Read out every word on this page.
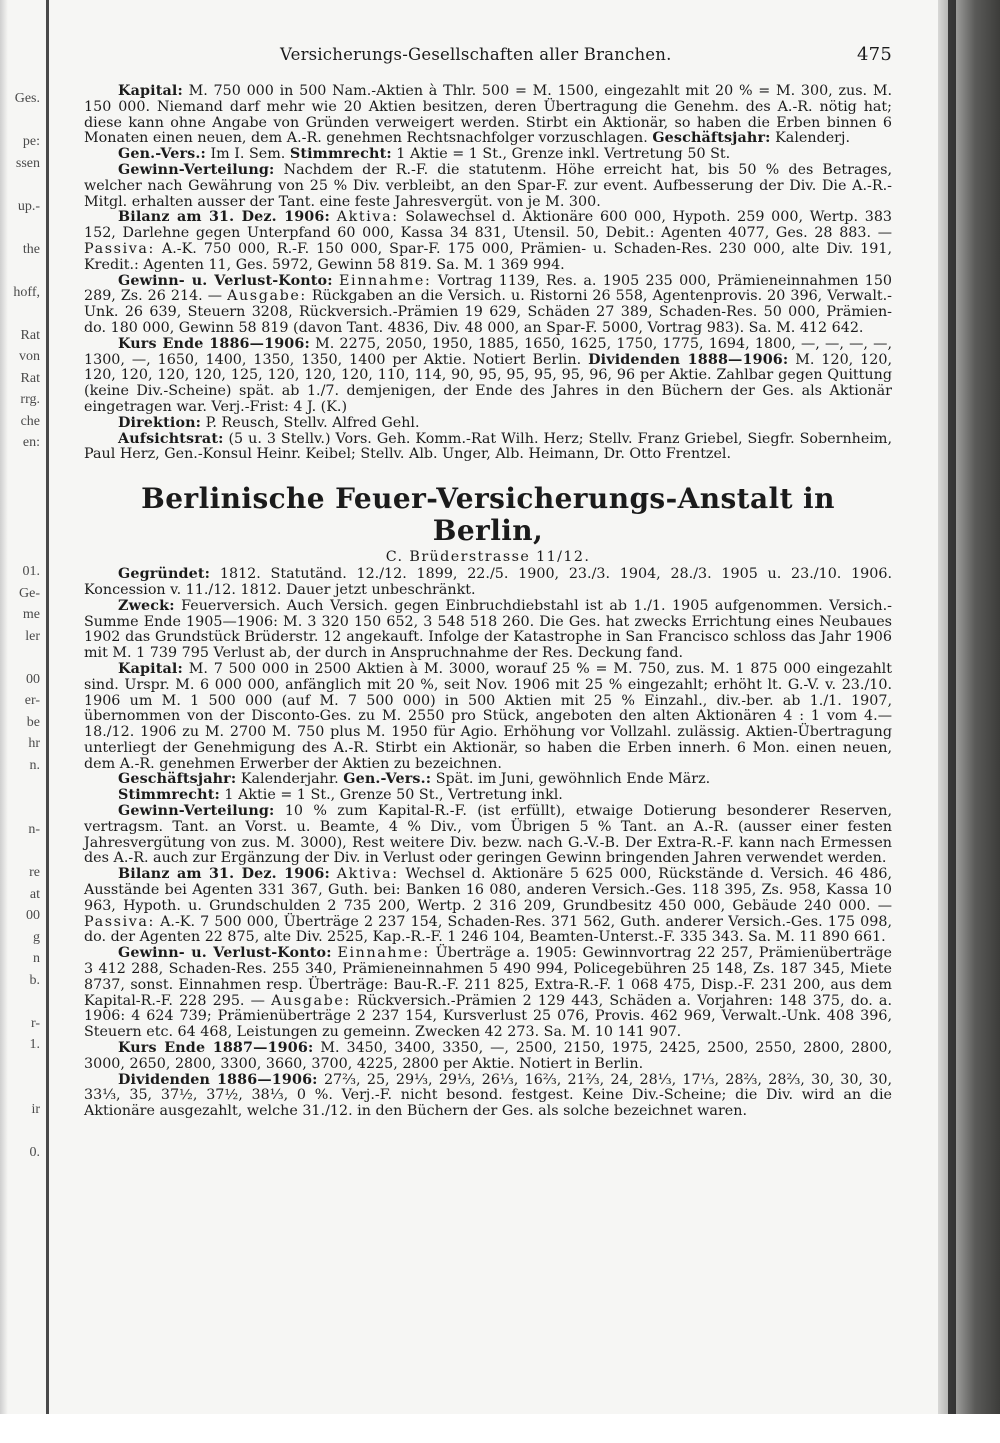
Ges.
pe:
ssen
up.-
the
hoff,
Rat
von
Rat
rrg.
che
en:
01.
Ge-
me
ler
00
er-
be
hr
n.
n-
re
at
00
g
n
b.
r-
1.
ir
0.
Versicherungs-Gesellschaften aller Branchen.	475

Kapital: M. 750 000 in 500 Nam.-Aktien à Thlr. 500 = M. 1500, eingezahlt mit 20 % = M. 300, zus. M. 150 000. Niemand darf mehr wie 20 Aktien besitzen, deren Übertragung die Genehm. des A.-R. nötig hat; diese kann ohne Angabe von Gründen verweigert werden. Stirbt ein Aktionär, so haben die Erben binnen 6 Monaten einen neuen, dem A.-R. genehmen Rechtsnachfolger vorzuschlagen. Geschäftsjahr: Kalenderj.

Gen.-Vers.: Im I. Sem. Stimmrecht: 1 Aktie = 1 St., Grenze inkl. Vertretung 50 St.

Gewinn-Verteilung: Nachdem der R.-F. die statutenm. Höhe erreicht hat, bis 50 % des Betrages, welcher nach Gewährung von 25 % Div. verbleibt, an den Spar-F. zur event. Aufbesserung der Div. Die A.-R.-Mitgl. erhalten ausser der Tant. eine feste Jahresvergüt. von je M. 300.

Bilanz am 31. Dez. 1906: Aktiva: Solawechsel d. Aktionäre 600 000, Hypoth. 259 000, Wertp. 383 152, Darlehne gegen Unterpfand 60 000, Kassa 34 831, Utensil. 50, Debit.: Agenten 4077, Ges. 28 883. — Passiva: A.-K. 750 000, R.-F. 150 000, Spar-F. 175 000, Prämien- u. Schaden-Res. 230 000, alte Div. 191, Kredit.: Agenten 11, Ges. 5972, Gewinn 58 819. Sa. M. 1 369 994.

Gewinn- u. Verlust-Konto: Einnahme: Vortrag 1139, Res. a. 1905 235 000, Prämieneinnahmen 150 289, Zs. 26 214. — Ausgabe: Rückgaben an die Versich. u. Ristorni 26 558, Agentenprovis. 20 396, Verwalt.-Unk. 26 639, Steuern 3208, Rückversich.-Prämien 19 629, Schäden 27 389, Schaden-Res. 50 000, Prämien- do. 180 000, Gewinn 58 819 (davon Tant. 4836, Div. 48 000, an Spar-F. 5000, Vortrag 983). Sa. M. 412 642.

Kurs Ende 1886—1906: M. 2275, 2050, 1950, 1885, 1650, 1625, 1750, 1775, 1694, 1800, —, —, —, —, 1300, —, 1650, 1400, 1350, 1350, 1400 per Aktie. Notiert Berlin. Dividenden 1888—1906: M. 120, 120, 120, 120, 120, 120, 125, 120, 120, 120, 110, 114, 90, 95, 95, 95, 95, 96, 96 per Aktie. Zahlbar gegen Quittung (keine Div.-Scheine) spät. ab 1./7. demjenigen, der Ende des Jahres in den Büchern der Ges. als Aktionär eingetragen war. Verj.-Frist: 4 J. (K.)

Direktion: P. Reusch, Stellv. Alfred Gehl.

Aufsichtsrat: (5 u. 3 Stellv.) Vors. Geh. Komm.-Rat Wilh. Herz; Stellv. Franz Griebel, Siegfr. Sobernheim, Paul Herz, Gen.-Konsul Heinr. Keibel; Stellv. Alb. Unger, Alb. Heimann, Dr. Otto Frentzel.

Berlinische Feuer-Versicherungs-Anstalt in Berlin,
C. Brüderstrasse 11/12.

Gegründet: 1812. Statutänd. 12./12. 1899, 22./5. 1900, 23./3. 1904, 28./3. 1905 u. 23./10. 1906. Koncession v. 11./12. 1812. Dauer jetzt unbeschränkt.

Zweck: Feuerversich. Auch Versich. gegen Einbruchdiebstahl ist ab 1./1. 1905 aufgenommen. Versich.-Summe Ende 1905—1906: M. 3 320 150 652, 3 548 518 260. Die Ges. hat zwecks Errichtung eines Neubaues 1902 das Grundstück Brüderstr. 12 angekauft. Infolge der Katastrophe in San Francisco schloss das Jahr 1906 mit M. 1 739 795 Verlust ab, der durch in Anspruchnahme der Res. Deckung fand.

Kapital: M. 7 500 000 in 2500 Aktien à M. 3000, worauf 25 % = M. 750, zus. M. 1 875 000 eingezahlt sind. Urspr. M. 6 000 000, anfänglich mit 20 %, seit Nov. 1906 mit 25 % eingezahlt; erhöht lt. G.-V. v. 23./10. 1906 um M. 1 500 000 (auf M. 7 500 000) in 500 Aktien mit 25 % Einzahl., div.-ber. ab 1./1. 1907, übernommen von der Disconto-Ges. zu M. 2550 pro Stück, angeboten den alten Aktionären 4 : 1 vom 4.—18./12. 1906 zu M. 2700 M. 750 plus M. 1950 für Agio. Erhöhung vor Vollzahl. zulässig. Aktien-Übertragung unterliegt der Genehmigung des A.-R. Stirbt ein Aktionär, so haben die Erben innerh. 6 Mon. einen neuen, dem A.-R. genehmen Erwerber der Aktien zu bezeichnen.

Geschäftsjahr: Kalenderjahr. Gen.-Vers.: Spät. im Juni, gewöhnlich Ende März.

Stimmrecht: 1 Aktie = 1 St., Grenze 50 St., Vertretung inkl.

Gewinn-Verteilung: 10 % zum Kapital-R.-F. (ist erfüllt), etwaige Dotierung besonderer Reserven, vertragsm. Tant. an Vorst. u. Beamte, 4 % Div., vom Übrigen 5 % Tant. an A.-R. (ausser einer festen Jahresvergütung von zus. M. 3000), Rest weitere Div. bezw. nach G.-V.-B. Der Extra-R.-F. kann nach Ermessen des A.-R. auch zur Ergänzung der Div. in Verlust oder geringen Gewinn bringenden Jahren verwendet werden.

Bilanz am 31. Dez. 1906: Aktiva: Wechsel d. Aktionäre 5 625 000, Rückstände d. Versich. 46 486, Ausstände bei Agenten 331 367, Guth. bei: Banken 16 080, anderen Versich.-Ges. 118 395, Zs. 958, Kassa 10 963, Hypoth. u. Grundschulden 2 735 200, Wertp. 2 316 209, Grundbesitz 450 000, Gebäude 240 000. — Passiva: A.-K. 7 500 000, Überträge 2 237 154, Schaden-Res. 371 562, Guth. anderer Versich.-Ges. 175 098, do. der Agenten 22 875, alte Div. 2525, Kap.-R.-F. 1 246 104, Beamten-Unterst.-F. 335 343. Sa. M. 11 890 661.

Gewinn- u. Verlust-Konto: Einnahme: Überträge a. 1905: Gewinnvortrag 22 257, Prämienüberträge 3 412 288, Schaden-Res. 255 340, Prämieneinnahmen 5 490 994, Policegebühren 25 148, Zs. 187 345, Miete 8737, sonst. Einnahmen resp. Überträge: Bau-R.-F. 211 825, Extra-R.-F. 1 068 475, Disp.-F. 231 200, aus dem Kapital-R.-F. 228 295. — Ausgabe: Rückversich.-Prämien 2 129 443, Schäden a. Vorjahren: 148 375, do. a. 1906: 4 624 739; Prämienüberträge 2 237 154, Kursverlust 25 076, Provis. 462 969, Verwalt.-Unk. 408 396, Steuern etc. 64 468, Leistungen zu gemeinn. Zwecken 42 273. Sa. M. 10 141 907.

Kurs Ende 1887—1906: M. 3450, 3400, 3350, —, 2500, 2150, 1975, 2425, 2500, 2550, 2800, 2800, 3000, 2650, 2800, 3300, 3660, 3700, 4225, 2800 per Aktie. Notiert in Berlin.

Dividenden 1886—1906: 27⅔, 25, 29⅓, 29⅓, 26⅓, 16⅔, 21⅔, 24, 28⅓, 17⅓, 28⅔, 28⅔, 30, 30, 30, 33⅓, 35, 37½, 37½, 38⅓, 0 %. Verj.-F. nicht besond. festgest. Keine Div.-Scheine; die Div. wird an die Aktionäre ausgezahlt, welche 31./12. in den Büchern der Ges. als solche bezeichnet waren.
